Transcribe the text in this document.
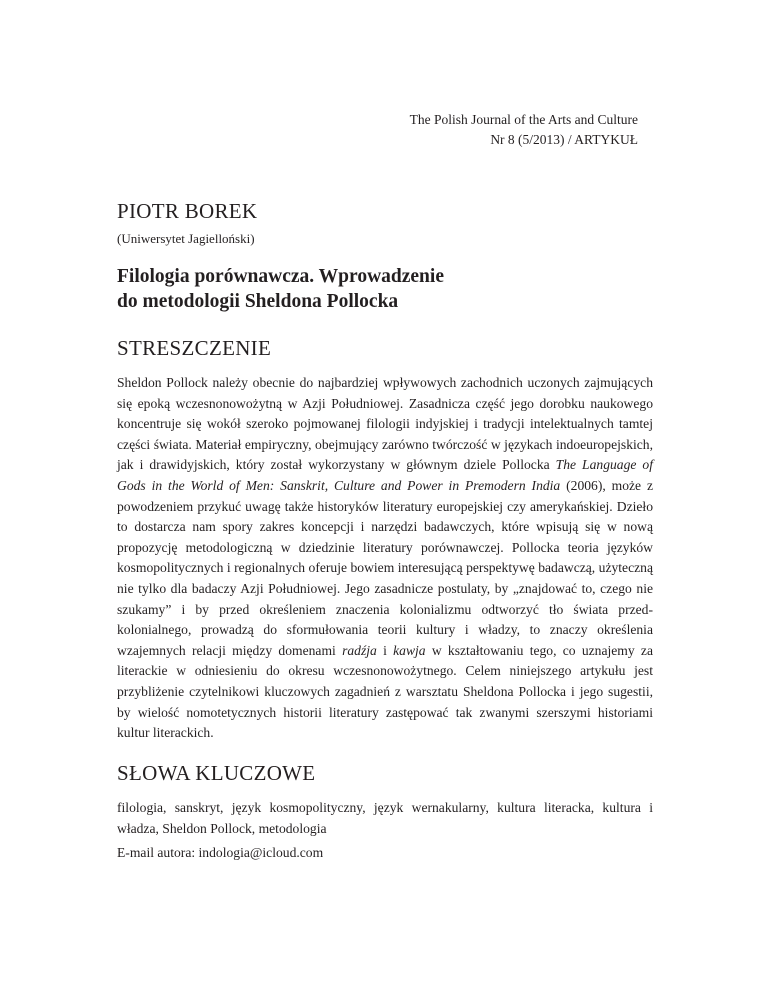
The Polish Journal of the Arts and Culture
Nr 8 (5/2013) / ARTYKUŁ
PIOTR BOREK
(Uniwersytet Jagielloński)
Filologia porównawcza. Wprowadzenie
do metodologii Sheldona Pollocka
STRESZCZENIE

Sheldon Pollock należy obecnie do najbardziej wpływowych zachodnich uczonych zajmujących się epoką wczesnonowożytną w Azji Południowej. Zasadnicza część jego dorobku naukowego koncentruje się wokół szeroko pojmowanej filologii indyjskiej i tradycji intelektualnych tamtej części świata. Materiał empiryczny, obejmujący zarówno twórczość w językach indoeuropejskich, jak i drawidyjskich, który został wykorzystany w głównym dziele Pollocka The Language of Gods in the World of Men: Sanskrit, Culture and Power in Premodern India (2006), może z powodzeniem przykuć uwagę także historyków literatury europejskiej czy amerykańskiej. Dzieło to dostarcza nam spory zakres koncepcji i narzędzi badawczych, które wpisują się w nową propozycję metodologiczną w dziedzinie literatury porównawczej. Pollocka teoria języków kosmopolitycznych i regionalnych oferuje bowiem interesującą perspektywę badawczą, użyteczną nie tylko dla badaczy Azji Południowej. Jego zasadnicze postulaty, by „znajdować to, czego nie szukamy” i by przed określeniem znaczenia kolonializmu odtworzyć tło świata przedkolonialnego, prowadzą do sformułowania teorii kultury i władzy, to znaczy określenia wzajemnych relacji między domenami radźja i kawja w kształtowaniu tego, co uznajemy za literackie w odniesieniu do okresu wczesnonowożytnego. Celem niniejszego artykułu jest przybliżenie czytelnikowi kluczowych zagadnień z warsztatu Sheldona Pollocka i jego sugestii, by wielość nomotetycznych historii literatury zastępować tak zwanymi szerszymi historiami kultur literackich.

SŁOWA KLUCZOWE

filologia, sanskryt, język kosmopolityczny, język wernakularny, kultura literacka, kultura i władza, Sheldon Pollock, metodologia

E-mail autora: indologia@icloud.com
